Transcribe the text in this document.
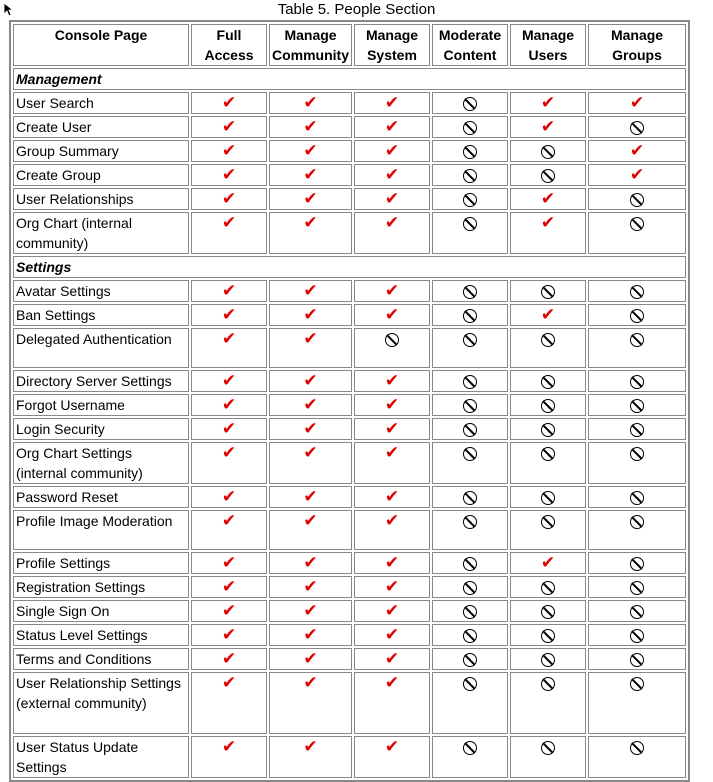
Table 5. People Section
Console Page	Full Access	Manage Community	Manage System	Moderate Content	Manage Users	Manage Groups
Management						
User Search	✔	✔	✔		✔	✔
Create User	✔	✔	✔		✔	
Group Summary	✔	✔	✔			✔
Create Group	✔	✔	✔			✔
User Relationships	✔	✔	✔		✔	
Org Chart (internal community)	✔	✔	✔		✔	
Settings						
Avatar Settings	✔	✔	✔			
Ban Settings	✔	✔	✔		✔	
Delegated Authentication	✔	✔				
Directory Server Settings	✔	✔	✔			
Forgot Username	✔	✔	✔			
Login Security	✔	✔	✔			
Org Chart Settings (internal community)	✔	✔	✔			
Password Reset	✔	✔	✔			
Profile Image Moderation	✔	✔	✔			
Profile Settings	✔	✔	✔		✔	
Registration Settings	✔	✔	✔			
Single Sign On	✔	✔	✔			
Status Level Settings	✔	✔	✔			
Terms and Conditions	✔	✔	✔			
User Relationship Settings (external community)	✔	✔	✔			
User Status Update Settings	✔	✔	✔			
